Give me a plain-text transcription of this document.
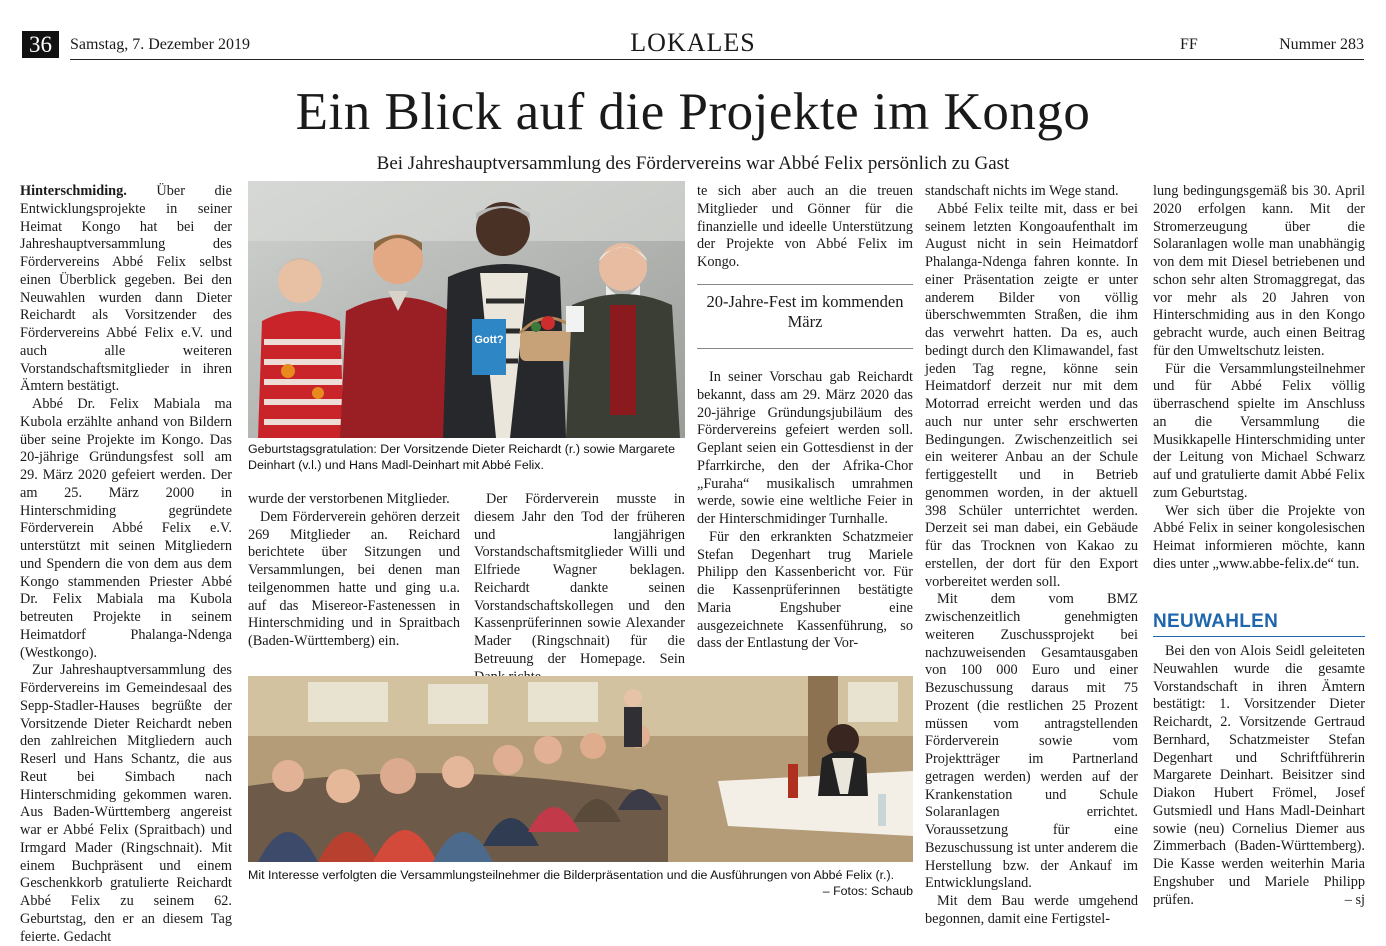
36	Samstag, 7. Dezember 2019	LOKALES	FF	Nummer 283
Ein Blick auf die Projekte im Kongo
Bei Jahreshauptversammlung des Fördervereins war Abbé Felix persönlich zu Gast

Hinterschmiding. Über die Entwicklungsprojekte in seiner Heimat Kongo hat bei der Jahreshauptversammlung des Fördervereins Abbé Felix selbst einen Überblick gegeben. Bei den Neuwahlen wurden dann Dieter Reichardt als Vorsitzender des Fördervereins Abbé Felix e.V. und auch alle weiteren Vorstandschaftsmitglieder in ihren Ämtern bestätigt.

Abbé Dr. Felix Mabiala ma Kubola erzählte anhand von Bildern über seine Projekte im Kongo. Das 20-jährige Gründungsfest soll am 29. März 2020 gefeiert werden. Der am 25. März 2000 in Hinterschmiding gegründete Förderverein Abbé Felix e.V. unterstützt mit seinen Mitgliedern und Spendern die von dem aus dem Kongo stammenden Priester Abbé Dr. Felix Mabiala ma Kubola betreuten Projekte in seinem Heimatdorf Phalanga-Ndenga (Westkongo).

Zur Jahreshauptversammlung des Fördervereins im Gemeindesaal des Sepp-Stadler-Hauses begrüßte der Vorsitzende Dieter Reichardt neben den zahlreichen Mitgliedern auch Reserl und Hans Schantz, die aus Reut bei Simbach nach Hinterschmiding gekommen waren. Aus Baden-Württemberg angereist war er Abbé Felix (Spraitbach) und Irmgard Mader (Ringschnait). Mit einem Buchpräsent und einem Geschenkkorb gratulierte Reichardt Abbé Felix zu seinem 62. Geburtstag, den er an diesem Tag feierte. Gedacht

Gott?
Geburtstagsgratulation: Der Vorsitzende Dieter Reichardt (r.) sowie Margarete Deinhart (v.l.) und Hans Madl-Deinhart mit Abbé Felix.

wurde der verstorbenen Mitglieder.

Dem Förderverein gehören derzeit 269 Mitglieder an. Reichard berichtete über Sitzungen und Versammlungen, bei denen man teilgenommen hatte und ging u.a. auf das Misereor-Fastenessen in Hinterschmiding und in Spraitbach (Baden-Württemberg) ein.

Der Förderverein musste in diesem Jahr den Tod der früheren und langjährigen Vorstandschaftsmitglieder Willi und Elfriede Wagner beklagen. Reichardt dankte seinen Vorstandschaftskollegen und den Kassenprüferinnen sowie Alexander Mader (Ringschnait) für die Betreuung der Homepage. Sein

te sich aber auch an die treuen Mitglieder und Gönner für die finanzielle und ideelle Unterstützung der Projekte von Abbé Felix im Kongo.

20-Jahre-Fest im kommenden März

In seiner Vorschau gab Reichardt bekannt, dass am 29. März 2020 das 20-jährige Gründungsjubiläum des Fördervereins gefeiert werden soll. Geplant seien ein Gottesdienst in der Pfarrkirche, den der Afrika-Chor „Furaha“ musikalisch umrahmen werde, sowie eine weltliche Feier in der Hinterschmidinger Turnhalle.

Für den erkrankten Schatzmeier Stefan Degenhart trug Mariele Philipp den Kassenbericht vor. Für die Kassenprüferinnen bestätigte Maria Engshuber eine ausgezeichnete Kassenführung, so dass der Entlastung der Vor-

Mit Interesse verfolgten die Versammlungsteilnehmer die Bilderpräsentation und die Ausführungen von Abbé Felix (r.).
– Fotos: Schaub

standschaft nichts im Wege stand.

Abbé Felix teilte mit, dass er bei seinem letzten Kongoaufenthalt im August nicht in sein Heimatdorf Phalanga-Ndenga fahren konnte. In einer Präsentation zeigte er unter anderem Bilder von völlig überschwemmten Straßen, die ihm das verwehrt hatten. Da es, auch bedingt durch den Klimawandel, fast jeden Tag regne, könne sein Heimatdorf derzeit nur mit dem Motorrad erreicht werden und das auch nur unter sehr erschwerten Bedingungen. Zwischenzeitlich sei ein weiterer Anbau an der Schule fertiggestellt und in Betrieb genommen worden, in der aktuell 398 Schüler unterrichtet werden. Derzeit sei man dabei, ein Gebäude für das Trocknen von Kakao zu erstellen, der dort für den Export vorbereitet werden soll.

Mit dem vom BMZ zwischenzeitlich genehmigten weiteren Zuschussprojekt bei nachzuweisenden Gesamtausgaben von 100 000 Euro und einer Bezuschussung daraus mit 75 Prozent (die restlichen 25 Prozent müssen vom antragstellenden Förderverein sowie vom Projektträger im Partnerland getragen werden) werden auf der Krankenstation und Schule Solaranlagen errichtet. Voraussetzung für eine Bezuschussung ist unter anderem die Herstellung bzw. der Ankauf im Entwicklungsland.

Mit dem Bau werde umgehend begonnen, damit eine Fertigstel-

lung bedingungsgemäß bis 30. April 2020 erfolgen kann. Mit der Stromerzeugung über die Solaranlagen wolle man unabhängig von dem mit Diesel betriebenen und schon sehr alten Stromaggregat, das vor mehr als 20 Jahren von Hinterschmiding aus in den Kongo gebracht wurde, auch einen Beitrag für den Umweltschutz leisten.

Für die Versammlungsteilnehmer und für Abbé Felix völlig überraschend spielte im Anschluss an die Versammlung die Musikkapelle Hinterschmiding unter der Leitung von Michael Schwarz auf und gratulierte damit Abbé Felix zum Geburtstag.

Wer sich über die Projekte von Abbé Felix in seiner kongolesischen Heimat informieren möchte, kann dies unter „www.abbe-felix.de“ tun.

NEUWAHLEN

Bei den von Alois Seidl geleiteten Neuwahlen wurde die gesamte Vorstandschaft in ihren Ämtern bestätigt: 1. Vorsitzender Dieter Reichardt, 2. Vorsitzende Gertraud Bernhard, Schatzmeister Stefan Degenhart und Schriftführerin Margarete Deinhart. Beisitzer sind Diakon Hubert Frömel, Josef Gutsmiedl und Hans Madl-Deinhart sowie (neu) Cornelius Diemer aus Zimmerbach (Baden-Württemberg). Die Kasse werden weiterhin Maria Engshuber und Mariele Philipp prüfen.	– sj
